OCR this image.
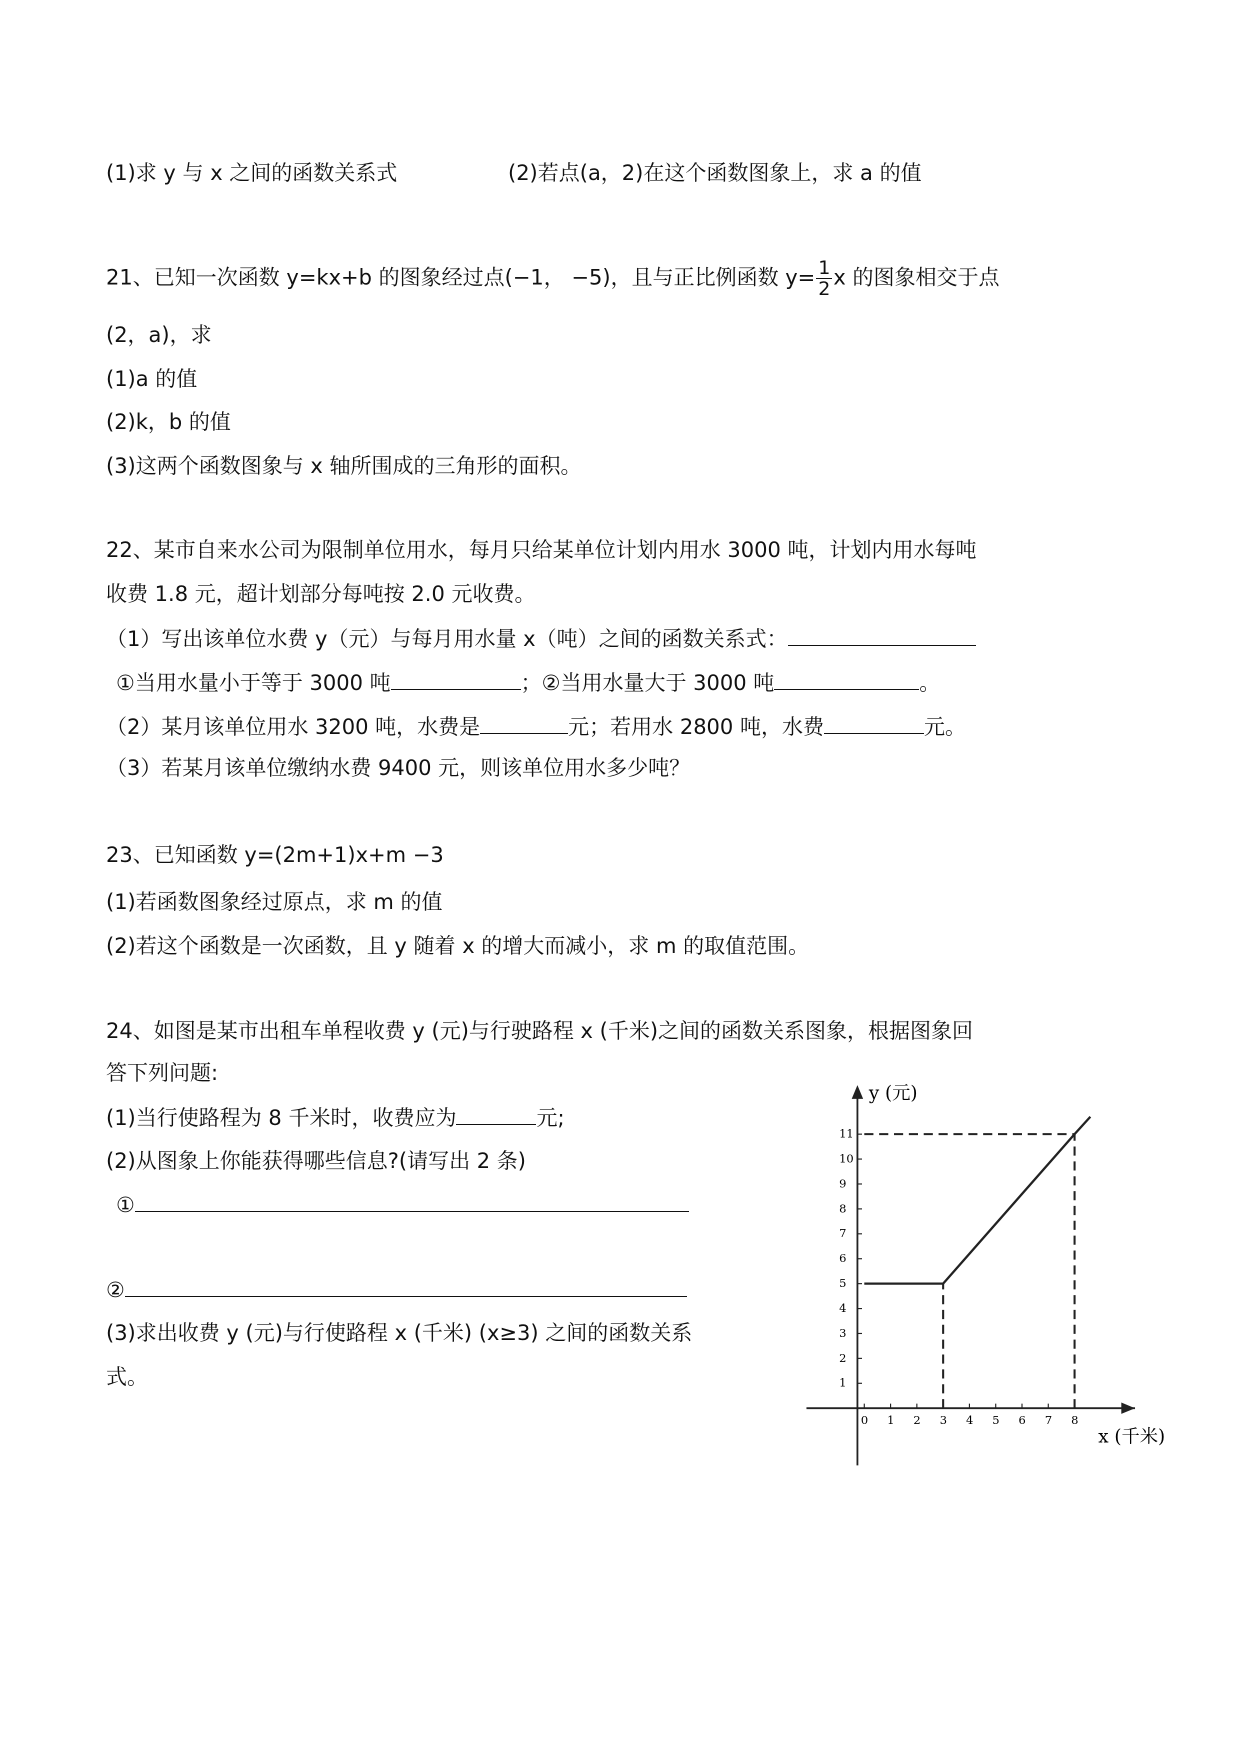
(1)求 y 与 x 之间的函数关系式	(2)若点(a，2)在这个函数图象上，求 a 的值
21、已知一次函数 y=kx+b 的图象经过点(−1， −5)，且与正比例函数 $y= \frac{1}{2}$ x 的图象相交于点
(2，a)，求
(1)a 的值
(2)k，b 的值
(3)这两个函数图象与 x 轴所围成的三角形的面积。
22、某市自来水公司为限制单位用水，每月只给某单位计划内用水 3000 吨，计划内用水每吨
收费 1.8 元，超计划部分每吨按 2.0 元收费。
（1）写出该单位水费 y（元）与每月用水量 x（吨）之间的函数关系式：
①当用水量小于等于 3000 吨	；②当用水量大于 3000 吨	。
（2）某月该单位用水 3200 吨，水费是	元；若用水 2800 吨，水费	元。
（3）若某月该单位缴纳水费 9400 元，则该单位用水多少吨？
23、已知函数 y=(2m+1)x+m −3
(1)若函数图象经过原点，求 m 的值
(2)若这个函数是一次函数，且 y 随着 x 的增大而减小，求 m 的取值范围。
24、如图是某市出租车单程收费 y (元)与行驶路程 x (千米)之间的函数关系图象，根据图象回
答下列问题:
(1)当行使路程为 8 千米时，收费应为	元;
(2)从图象上你能获得哪些信息?(请写出 2 条)
①
②
(3)求出收费 y (元)与行使路程 x (千米) (x≥3) 之间的函数关系
式。
0 1 2 3 4 5 6 7 8
1
2
3
4
5
6
7
8
9
10
11
y (元)
x (千米)
